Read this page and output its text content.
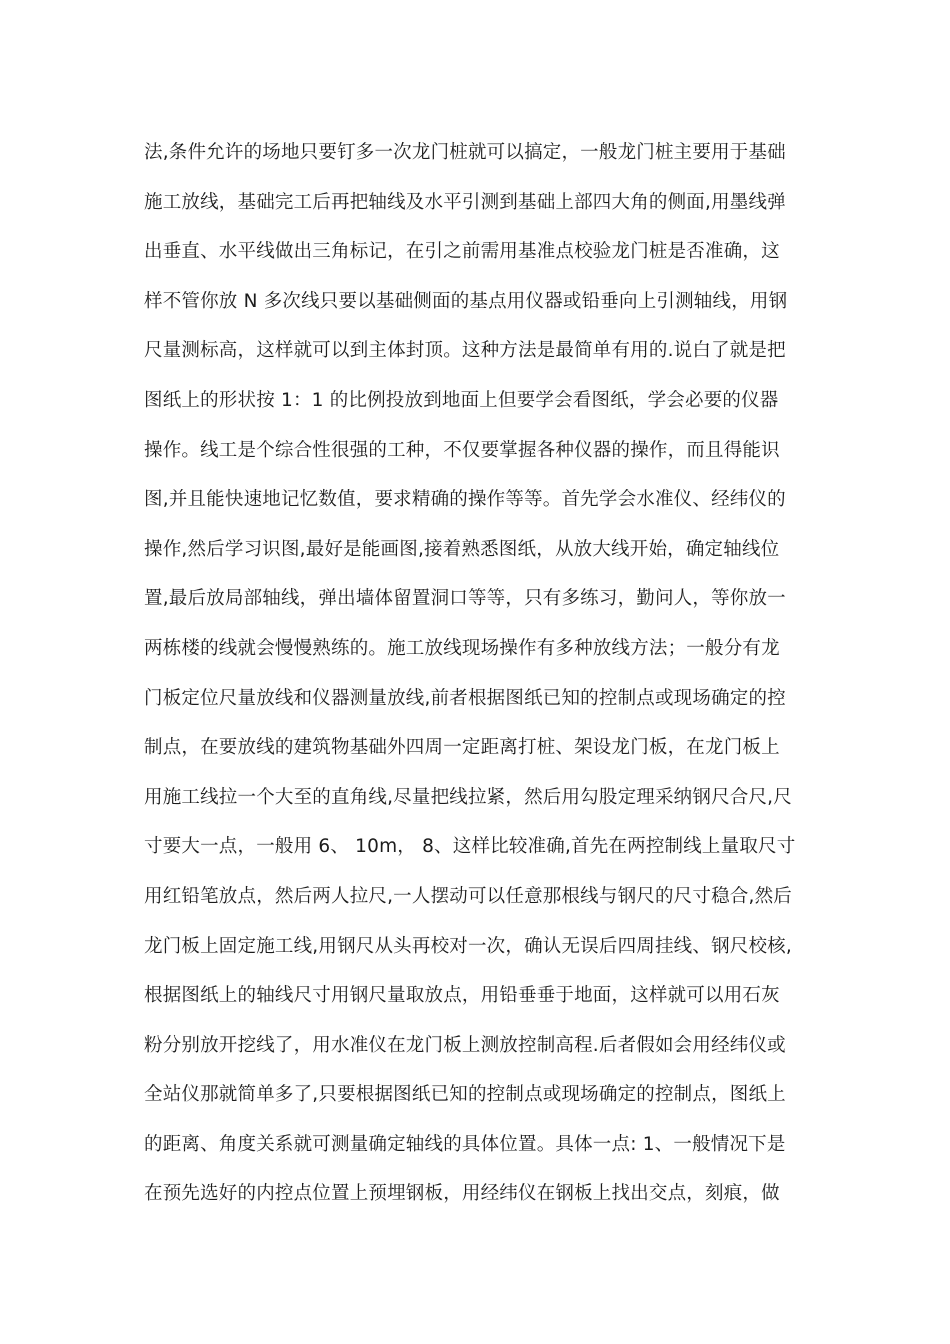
法,条件允许的场地只要钉多一次龙门桩就可以搞定，一般龙门桩主要用于基础
施工放线，基础完工后再把轴线及水平引测到基础上部四大角的侧面,用墨线弹
出垂直、水平线做出三角标记，在引之前需用基准点校验龙门桩是否准确，这
样不管你放 N 多次线只要以基础侧面的基点用仪器或铅垂向上引测轴线，用钢
尺量测标高，这样就可以到主体封顶。这种方法是最简单有用的.说白了就是把
图纸上的形状按 1：1 的比例投放到地面上但要学会看图纸，学会必要的仪器
操作。线工是个综合性很强的工种，不仅要掌握各种仪器的操作，而且得能识
图,并且能快速地记忆数值，要求精确的操作等等。首先学会水准仪、经纬仪的
操作,然后学习识图,最好是能画图,接着熟悉图纸，从放大线开始，确定轴线位
置,最后放局部轴线，弹出墙体留置洞口等等，只有多练习，勤问人，等你放一
两栋楼的线就会慢慢熟练的。施工放线现场操作有多种放线方法；一般分有龙
门板定位尺量放线和仪器测量放线,前者根据图纸已知的控制点或现场确定的控
制点，在要放线的建筑物基础外四周一定距离打桩、架设龙门板，在龙门板上
用施工线拉一个大至的直角线,尽量把线拉紧，然后用勾股定理采纳钢尺合尺,尺
寸要大一点，一般用 6、 10m， 8、这样比较准确,首先在两控制线上量取尺寸
用红铅笔放点，然后两人拉尺,一人摆动可以任意那根线与钢尺的尺寸稳合,然后
龙门板上固定施工线,用钢尺从头再校对一次，确认无误后四周挂线、钢尺校核,
根据图纸上的轴线尺寸用钢尺量取放点，用铅垂垂于地面，这样就可以用石灰
粉分别放开挖线了，用水准仪在龙门板上测放控制高程.后者假如会用经纬仪或
全站仪那就简单多了,只要根据图纸已知的控制点或现场确定的控制点，图纸上
的距离、角度关系就可测量确定轴线的具体位置。具体一点: 1、一般情况下是
在预先选好的内控点位置上预埋钢板，用经纬仪在钢板上找出交点，刻痕，做
